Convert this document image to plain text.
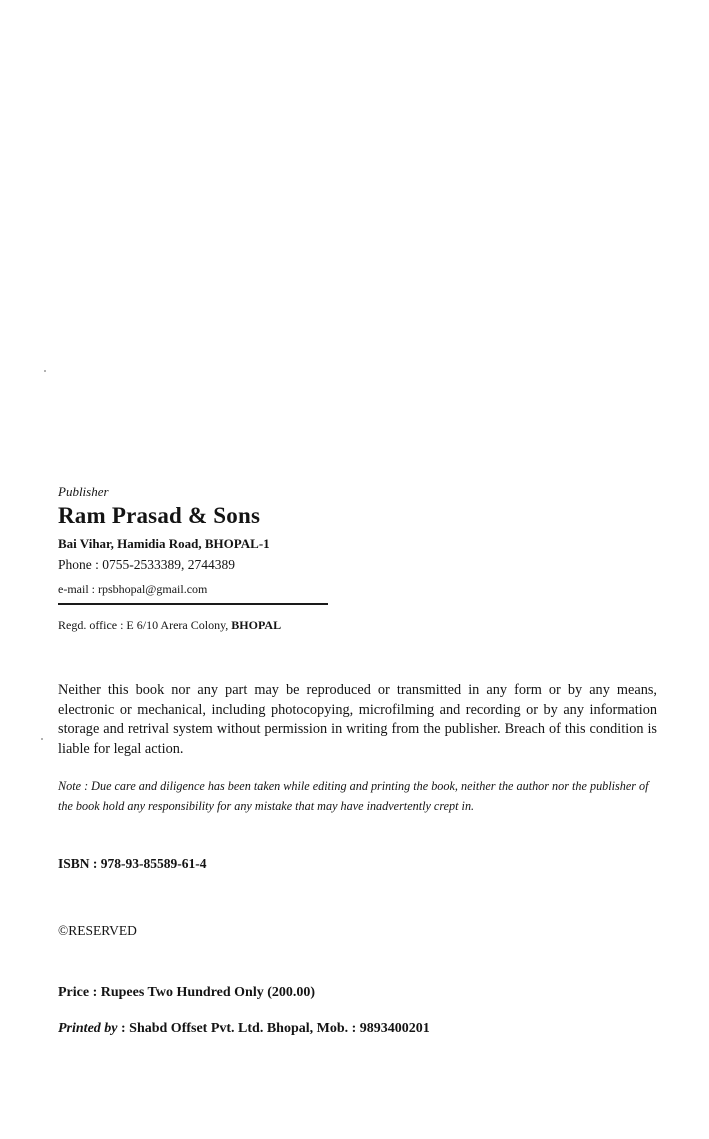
Publisher
Ram Prasad & Sons
Bai Vihar, Hamidia Road, BHOPAL-1
Phone : 0755-2533389, 2744389
e-mail : rpsbhopal@gmail.com
Regd. office : E 6/10 Arera Colony, BHOPAL
Neither this book nor any part may be reproduced or transmitted in any form or by any means, electronic or mechanical, including photocopying, microfilming and recording or by any information storage and retrival system without permission in writing from the publisher. Breach of this condition is liable for legal action.
Note : Due care and diligence has been taken while editing and printing the book, neither the author nor the publisher of the book hold any responsibility for any mistake that may have inadvertently crept in.
ISBN : 978-93-85589-61-4
©RESERVED
Price : Rupees Two Hundred Only (200.00)
Printed by : Shabd Offset Pvt. Ltd. Bhopal, Mob. : 9893400201
